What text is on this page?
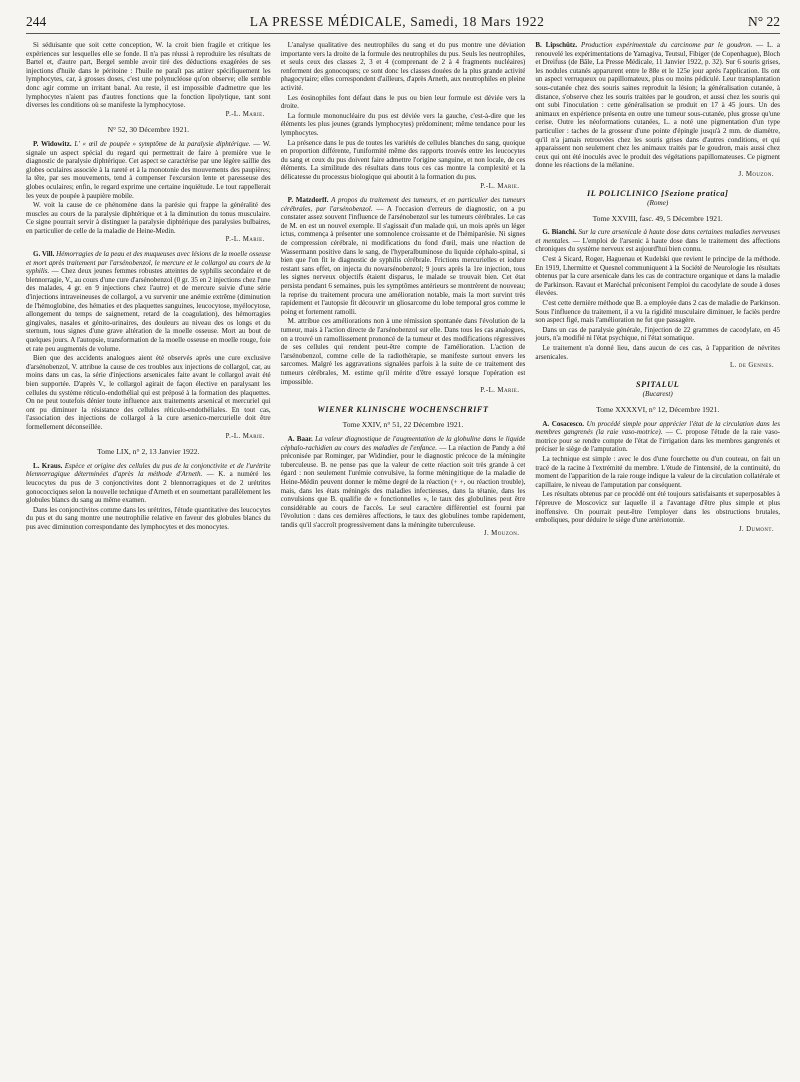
244	LA PRESSE MÉDICALE, Samedi, 18 Mars 1922	N° 22

Si séduisante que soit cette conception, W. la croit bien fragile et critique les expériences sur lesquelles elle se fonde. Il n'a pas réussi à reproduire les résultats de Bartel et, d'autre part, Bergel semble avoir tiré des déductions exagérées de ses injections d'huile dans le péritoine : l'huile ne paraît pas attirer spécifiquement les lymphocytes, car, à grosses doses, c'est une polynucléose qu'on observe; elle semble donc agir comme un irritant banal. Au reste, il est impossible d'admettre que les lymphocytes n'aient pas d'autres fonctions que la fonction lipolytique, tant sont diverses les conditions où se manifeste la lymphocytose.

P.-L. Marie.
N° 52, 30 Décembre 1921.

P. Widowitz. L' « œil de poupée » symptôme de la paralysie diphtérique. — W. signale un aspect spécial du regard qui permettrait de faire à première vue le diagnostic de paralysie diphtérique. Cet aspect se caractérise par une légère saillie des globes oculaires associée à la rareté et à la monotonie des mouvements des paupières; la tête, par ses mouvements, tend à compenser l'excursion lente et paresseuse des globes oculaires; enfin, le regard exprime une certaine inquiétude. Le tout rappellerait les yeux de poupée à paupière mobile.

W. voit la cause de ce phénomène dans la parésie qui frappe la généralité des muscles au cours de la paralysie diphtérique et à la diminution du tonus musculaire. Ce signe pourrait servir à distinguer la paralysie diphtérique des paralysies bulbaires, en particulier de celle de la maladie de Heine-Medin.

P.-L. Marie.

G. Vill. Hémorragies de la peau et des muqueuses avec lésions de la moelle osseuse et mort après traitement par l'arsénobenzol, le mercure et le collargol au cours de la syphilis. — Chez deux jeunes femmes robustes atteintes de syphilis secondaire et de blennorragie, V., au cours d'une cure d'arsénobenzol (0 gr. 35 en 2 injections chez l'une des malades, 4 gr. en 9 injections chez l'autre) et de mercure suivie d'une série d'injections intraveineuses de collargol, a vu survenir une anémie extrême (diminution de l'hémoglobine, des hématies et des plaquettes sanguines, leucocytose, myélocytose, allongement du temps de saignement, retard de la coagulation), des hémorragies gingivales, nasales et génito-urinaires, des douleurs au niveau des os longs et du sternum, tous signes d'une grave altération de la moelle osseuse. Mort au bout de quelques jours. A l'autopsie, transformation de la moelle osseuse en moelle rouge, foie et rate peu augmentés de volume.

Bien que des accidents analogues aient été observés après une cure exclusive d'arsénobenzol, V. attribue la cause de ces troubles aux injections de collargol, car, au moins dans un cas, la série d'injections arsenicales faite avant le collargol avait été bien supportée. D'après V., le collargol agirait de façon élective en paralysant les cellules du système réticulo-endothélial qui est préposé à la formation des plaquettes. On ne peut toutefois dénier toute influence aux traitements arsenical et mercuriel qui ont pu diminuer la résistance des cellules réticulo-endothéliales. En tout cas, l'association des injections de collargol à la cure arsenico-mercurielle doit être formellement déconseillée.

P.-L. Marie.
Tome LIX, n° 2, 13 Janvier 1922.

L. Kraus. Espèce et origine des cellules du pus de la conjonctivite et de l'urétrite blennorragique déterminées d'après la méthode d'Arneth. — K. a numéré les leucocytes du pus de 3 conjonctivites dont 2 blennorragiques et de 2 urétrites gonococciques selon la nouvelle technique d'Arneth et en soumettant parallèlement les globules blancs du sang au même examen.

Dans les conjonctivites comme dans les urétrites, l'étude quantitative des leucocytes du pus et du sang montre une neutrophilie relative en faveur des globules blancs du pus avec diminution correspondante des lymphocytes et des monocytes.

L'analyse qualitative des neutrophiles du sang et du pus montre une déviation importante vers la droite de la formule des neutrophiles du pus. Seuls les neutrophiles, et seuls ceux des classes 2, 3 et 4 (comprenant de 2 à 4 fragments nucléaires) renferment des gonocoques; ce sont donc les classes douées de la plus grande activité phagocytaire; elles correspondent d'ailleurs, d'après Arneth, aux neutrophiles en pleine activité.

Les éosinophiles font défaut dans le pus ou bien leur formule est déviée vers la droite.

La formule mononucléaire du pus est déviée vers la gauche, c'est-à-dire que les éléments les plus jeunes (grands lymphocytes) prédominent; même tendance pour les lymphocytes.

La présence dans le pus de toutes les variétés de cellules blanches du sang, quoique en proportion différente, l'uniformité même des rapports trouvés entre les leucocytes du sang et ceux du pus doivent faire admettre l'origine sanguine, et non locale, de ces éléments. La similitude des résultats dans tous ces cas montre la complexité et la délicatesse du processus biologique qui aboutit à la formation du pus.

P.-L. Marie.

P. Matzdorff. A propos du traitement des tumeurs, et en particulier des tumeurs cérébrales, par l'arsénobenzol. — A l'occasion d'erreurs de diagnostic, on a pu constater assez souvent l'influence de l'arsénobenzol sur les tumeurs cérébrales. Le cas de M. en est un nouvel exemple. Il s'agissait d'un malade qui, un mois après un léger ictus, commença à présenter une somnolence croissante et de l'hémiparésie. Ni signes de compression cérébrale, ni modifications du fond d'œil, mais une réaction de Wassermann positive dans le sang, de l'hyperalbuminose du liquide céphalo-spinal, si bien que l'on fit le diagnostic de syphilis cérébrale. Frictions mercurielles et iodure restant sans effet, on injecta du novarsénobenzol; 9 jours après la 1re injection, tous les signes nerveux objectifs étaient disparus, le malade se trouvait bien. Cet état persista pendant 6 semaines, puis les symptômes antérieurs se montrèrent de nouveau; la reprise du traitement procura une amélioration notable, mais la mort survint très rapidement et l'autopsie fit découvrir un gliosarcome du lobe temporal gros comme le poing et fortement ramolli.

M. attribue ces améliorations non à une rémission spontanée dans l'évolution de la tumeur, mais à l'action directe de l'arsénobenzol sur elle. Dans tous les cas analogues, on a trouvé un ramollissement prononcé de la tumeur et des modifications régressives de ses cellules qui rendent peut-être compte de l'amélioration. L'action de l'arsénobenzol, comme celle de la radiothérapie, se manifeste surtout envers les sarcomes. Malgré les aggravations signalées parfois à la suite de ce traitement des tumeurs cérébrales, M. estime qu'il mérite d'être essayé lorsque l'opération est impossible.

P.-L. Marie.
WIENER KLINISCHE WOCHENSCHRIFT
Tome XXIV, n° 51, 22 Décembre 1921.

A. Baar. La valeur diagnostique de l'augmentation de la globuline dans le liquide céphalo-rachidien au cours des maladies de l'enfance. — La réaction de Pandy a été préconisée par Rominger, par Widindier, pour le diagnostic précoce de la méningite tuberculeuse. B. ne pense pas que la valeur de cette réaction soit très grande à cet égard : non seulement l'urémie convulsive, la forme méningitique de la maladie de Heine-Médin peuvent donner le même degré de la réaction (+ +, ou réaction trouble), mais, dans les états méningés des maladies infectieuses, dans la tétanie, dans les convulsions que B. qualifie de « fonctionnelles », le taux des globulines peut être considérable au cours de l'accès. Le seul caractère différentiel est fourni par l'évolution : dans ces dernières affections, le taux des globulines tombe rapidement, tandis qu'il s'accroît progressivement dans la méningite tuberculeuse.

J. Mouzon.

B. Lipschütz. Production expérimentale du carcinome par le goudron. — L. a renouvelé les expérimentations de Yamagiva, Teutsul, Fibiger (de Copenhague), Bloch et Dreifuss (de Bâle, La Presse Médicale, 11 Janvier 1922, p. 32). Sur 6 souris grises, les nodules cutanés apparurent entre le 88e et le 125e jour après l'application. Ils ont un aspect verruqueux ou papillomateux, plus ou moins pédiculé. Leur transplantation sous-cutanée chez des souris saines reproduit la lésion; la généralisation cutanée, à distance, s'observe chez les souris traitées par le goudron, et aussi chez les souris qui ont subi l'inoculation : cette généralisation se produit en 17 à 45 jours. Un des animaux en expérience présenta en outre une tumeur sous-cutanée, plus grosse qu'une cerise. Outre les néoformations cutanées, L. a noté une pigmentation d'un type particulier : taches de la grosseur d'une pointe d'épingle jusqu'à 2 mm. de diamètre, qu'il n'a jamais retrouvées chez les souris grises dans d'autres conditions, et qui apparaissent non seulement chez les animaux traités par le goudron, mais aussi chez ceux qui ont été inoculés avec le produit des végétations papillomateuses. Ce pigment donne les réactions de la mélanine.

J. Mouzon.
IL POLICLINICO [Sezione pratica]
(Rome)
Tome XXVIII, fasc. 49, 5 Décembre 1921.

G. Bianchi. Sur la cure arsenicale à haute dose dans certaines maladies nerveuses et mentales. — L'emploi de l'arsenic à haute dose dans le traitement des affections chroniques du système nerveux est aujourd'hui bien connu.

C'est à Sicard, Roger, Haguenau et Kudelski que revient le principe de la méthode. En 1919, Lhermitte et Quesnel communiquent à la Société de Neurologie les résultats obtenus par la cure arsenicale dans les cas de contracture organique et dans la maladie de Parkinson. Ravaut et Maréchal préconisent l'emploi du cacodylate de soude à doses élevées.

C'est cette dernière méthode que B. a employée dans 2 cas de maladie de Parkinson. Sous l'influence du traitement, il a vu la rigidité musculaire diminuer, le faciès perdre son aspect figé, mais l'amélioration ne fut que passagère.

Dans un cas de paralysie générale, l'injection de 22 grammes de cacodylate, en 45 jours, n'a modifié ni l'état psychique, ni l'état somatique.

Le traitement n'a donné lieu, dans aucun de ces cas, à l'apparition de névrites arsenicales.

L. de Gennes.
SPITALUL
(Bucarest)
Tome XXXXVI, n° 12, Décembre 1921.

A. Cosacesco. Un procédé simple pour apprécier l'état de la circulation dans les membres gangrenés (la raie vaso-motrice). — C. propose l'étude de la raie vaso-motrice pour se rendre compte de l'état de l'irrigation dans les membres gangrenés et préciser le siège de l'amputation.

La technique est simple : avec le dos d'une fourchette ou d'un couteau, on fait un tracé de la racine à l'extrémité du membre. L'étude de l'intensité, de la continuité, du moment de l'apparition de la raie rouge indique la valeur de la circulation collatérale et capillaire, le niveau de l'amputation par conséquent.

Les résultats obtenus par ce procédé ont été toujours satisfaisants et superposables à l'épreuve de Moscovicz sur laquelle il a l'avantage d'être plus simple et plus inoffensive. On pourrait peut-être l'employer dans les obstructions brutales, emboliques, pour déduire le siège d'une artériotomie.

J. Dumont.
